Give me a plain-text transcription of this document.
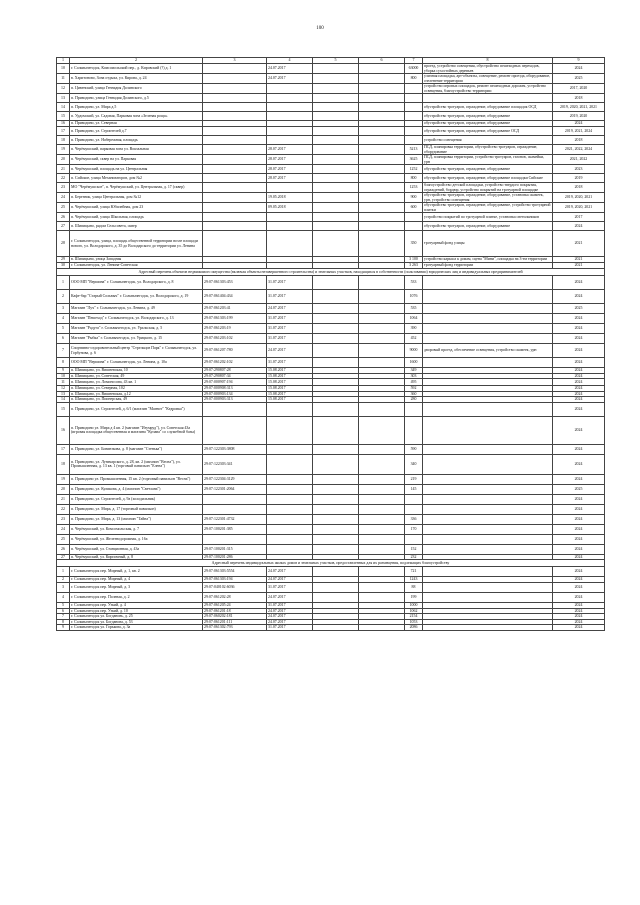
100
1	2	3	4	5	6	7	8	9
10	г. Сольвычегодск, Комсомольский пер., д. Кировский (?) д. 1		24.07.2017			63000	проезд, устройство освещения, обустройство пешеходных переходов, уборка сухостойных деревьев	2024
11	в. Харитоново, Зона отдыха, ул. Кирова, д. 24		24.07.2017			800	уличная площадка, арт-объекты, освещение, ремонт проезда, оборудование, озеленение территории	2025
12	п. Цивенский, улица Геннадия Долинского						устройство игровых площадок, ремонт пешеходных дорожек, устройство освещения, благоустройство территории	2017, 2020
13	п. Приводино, улица Геннадия Долинского, д.5							2018
14	п. Приводино, ул. Мира д.5						обустройство тротуаров, ограждение, оборудование площадок ОСД	2019, 2020, 2021, 2021
15	п. Урдомский, ул. Садовая, Парковая зона «Зеленая роща»						обустройство тротуаров, ограждение, оборудование	2019, 2020
16	п. Приводино, ул. Северная						обустройство тротуаров, ограждение, оборудование	2024
17	п. Приводино, ул. Строителей д.7						обустройство тротуаров, ограждение, оборудование ОСД	2019, 2021, 2024
18	п. Приводино, ул. Набережная, площадь						устройство освещения	2018
19	п. Черёмушский, парковая зона ул. Вокзальная		28.07.2017			5213	ПСД, планировка территории, обустройство тротуаров, ограждение, оборудование	2021, 2022, 2024
20	п. Черёмушский, сквер на ул. Парковая		28.07.2017			3625	ПСД, планировка территории, устройство тротуаров, газонов, скамейки, урн	2021, 2022
21	п. Черёмушский, площадь на ул. Центральная		28.07.2017			1252	обустройство тротуаров, ограждение, оборудование	2023
22	п. Сийские, улица Механизаторов, дом №2		28.07.2017			800	обустройство тротуаров, ограждение, оборудование площадки Сийские	2019
23	МО "Черёмушское", п. Черёмушский, ул. Центральная, д. 17 (сквер)					1253	благоустройство детской площадки, устройство твердого покрытия, ограждений, бордюр, устройство покрытий на тротуарной площадке	2018
24	п. Березник, улица Центральная, дом №12		19.05.2018			900	обустройство тротуаров, ограждение, оборудование, установка скамеек, урн, устройство освещения	2019, 2020, 2021
25	п. Черёмушский, улица Юбилейная, дом 23		09.05.2018			600	обустройство тротуаров, ограждение, оборудование, устройство тротуарной плитки	2019, 2020, 2021
26	п. Черёмушский, улица Школьная, площадь						устройство покрытий по тротуарной плитке, установка светильников	2017
27	п. Шипицыно, рядом Сельсовета, сквер						обустройство тротуаров, ограждение, оборудование	2024
28	г. Сольвычегодск, улица, площадь общественной территории возле площади нового, ул. Володарского, д. 35 до Володарского до территории ул. Ленина					350	тротуарный фонд улицы	2021
29	в. Шипицыно, улица Западная					3 100	устройство каркаса к домам, сцена "Мини", площадка на 3-ем территории	2021
30	г. Сольвычегодск, ул. Ленина-Советская					3 263	тротуарный фонд территории	2021
Адресный перечень объектов недвижимого имущества (включая объекты незавершенного строительства) и земельных участков, находящихся в собственности (пользовании) юридических лиц и индивидуальных предпринимателей								
1	ООО МП "Вершина" г. Сольвычегодск, ул. Володарского, д. 8	29:07:061303:453	31.07.2017			533		2024
2	Кафе-бар "Старый Сольвыч" г. Сольвычегодск, ул. Володарского, д. 19	29:07:061404:434	31.07.2017			1076		2024
3	Магазин "Луч" г. Сольвычегодск, ул. Ленина, д. 49	29:07:061203:41	24.07.2017			535		2025
4	Магазин "Пешеход" г. Сольвычегодск, ул. Володарского, д. 13	29:07:061303:199	31.07.2017			1064		2024
5	Магазин "Радуга" г. Сольвычегодск, ул. Уральская, д. 5	29:07:061203:19	31.07.2017			390		2024
6	Магазин "Рыбка" г. Сольвычегодск, ул. Урицкого, д. 15	29:07:061203:102	31.07.2017			452		2024
7	Спортивно-оздоровительный центр "Стрельцов Парк" г. Сольвычегодск, ул. Горбунова, д. 6	29:07:061207:780	24.07.2017			9000	дворовый проезд, обеспечение освещения, устройство скамеек, урн	2024
8	ООО МП "Вершина" г. Сольвычегодск, ул. Ленина, д. 10а	29:07:061202:102	31.07.2017			1600		2024
9	п. Шипицыно, ул. Вишневская, 10	29:07:290807:28	15.08.2017			349		2024
10	п. Шипицыно, ул. Советская, 49	29:07:290807:34	15.08.2017			303		2024
11	п. Шипицыно, ул. Ломоносова, 43 кв. 1	29:07:000907:194	15.08.2017			495		2024
12	п. Шипицыно, ул. Северная, 102	29:07:000908:313	15.08.2017			592		2024
13	п. Шипицыно, ул. Вишневская, д.12	29:07:000903:134	15.08.2017			360		2024
14	п. Шипицыно, ул. Пионерская, 49	29:07:000903:313	15.08.2017			280		2024
15	п. Приводино, ул. Строителей, д. 6/1 (магазин "Магнит" "Кедровка")							2024
16	п. Приводино ул. Мира д 4 кв. 2 (магазин "Изумруд"), ул. Советская 43а (игровая площадка общественная и магазина "Купава" со служебной базы)							2024
17	п. Приводино, ул. Бовинзкова, д. 8 (магазин "Стенька")	29:07:122303:3808				590		2024
18	п. Приводино, ул. Луначарского, д. 28, кв. 2 (магазин "Весна"), ул. Промышленная, д. 13 кв. 1 (торговый павильон "Елена")	29:07:122303:341				340		2024
19	п. Приводино ул. Промышленная, 15 кв. 2 (торговый павильон "Весна")	29:07:122304:3129				219		2024
20	п. Приводино, ул. Куликова, д. 4 (магазин "Светлана")	29:07:122301:2064				145		2025
21	п. Приводино, ул. Строителей, д. 9а (холодильник)							2024
22	п. Приводино, ул. Мира, д. 17 (торговый павильон)							2024
23	п. Приводино, ул. Мира, д. 13 (магазин "Тайна")	29:07:122301:4732				336		2024
24	п. Черёмушский, ул. Комсомольская, д. 7	29:07:100201:385				170		2024
25	п. Черёмушский, ул. Железнодорожная, д. 16а							2024
26	п. Черёмушский, ул. Станционная, д. 43а	29:07:100201:315				152		2024
27	п. Черёмушский, ул. Кирпичный, д. 8	29:07:100201:286				232		2024
Адресный перечень индивидуальных жилых домов и земельных участков, предоставленных для их размещения, подлежащих благоустройству								
1	г. Сольвычегодск пер. Мирный, д. 1, кв. 2	29:07:061303:5554	24.07.2017			721		2024
2	г. Сольвычегодск пер. Мирный, д. 4	29:07:061303:194	24.07.2017			1243		2024
3	г. Сольвычегодск пер. Мирный, д. 3	29:07:040102:6036	31.07.2017			88		2024
4	г. Сольвычегодск пер. Полевая, д. 2	29:07:061202:28	24.07.2017			199		2024
5	г. Сольвычегодск пер. Узкий, д. 4	29:07:061205:24	31.07.2017			1000		2024
6	г. Сольвычегодск пер. Узкий, д. 10	29:07:061201:18	24.07.2017			1062		2024
7	г. Сольвычегодск ул. Богдановь, д. 25	29:07:060202:181	24.07.2017			2154		2024
8	г. Сольвычегодск ул. Богданова, д. 53	29:07:061201:111	24.07.2017			1053		2024
9	г. Сольвычегодск ул. Горькова, д. 3а	29:07:061302:793	31.07.2017			2086		2024
